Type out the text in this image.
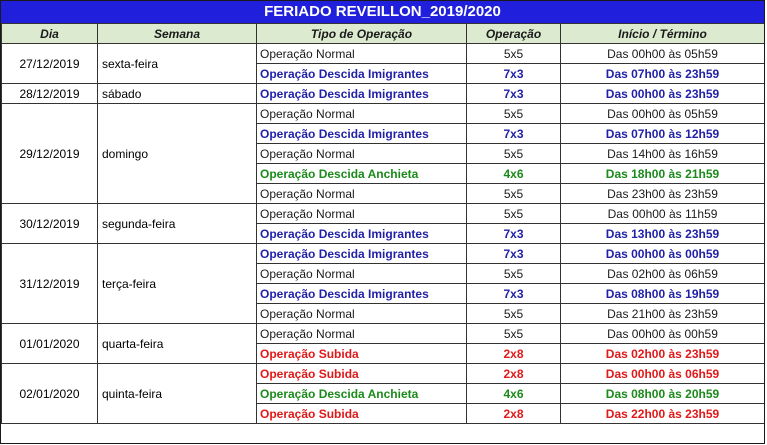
FERIADO REVEILLON_2019/2020
Dia	Semana	Tipo de Operação	Operação	Início / Término
27/12/2019	sexta-feira	Operação Normal	5x5	Das 00h00 às 05h59
		Operação Descida Imigrantes	7x3	Das 07h00 às 23h59
28/12/2019	sábado	Operação Descida Imigrantes	7x3	Das 00h00 às 23h59
29/12/2019	domingo	Operação Normal	5x5	Das 00h00 às 05h59
		Operação Descida Imigrantes	7x3	Das 07h00 às 12h59
		Operação Normal	5x5	Das 14h00 às 16h59
		Operação Descida Anchieta	4x6	Das 18h00 às 21h59
		Operação Normal	5x5	Das 23h00 às 23h59
30/12/2019	segunda-feira	Operação Normal	5x5	Das 00h00 às 11h59
		Operação Descida Imigrantes	7x3	Das 13h00 às 23h59
31/12/2019	terça-feira	Operação Descida Imigrantes	7x3	Das 00h00 às 00h59
		Operação Normal	5x5	Das 02h00 às 06h59
		Operação Descida Imigrantes	7x3	Das 08h00 às 19h59
		Operação Normal	5x5	Das 21h00 às 23h59
01/01/2020	quarta-feira	Operação Normal	5x5	Das 00h00 às 00h59
		Operação Subida	2x8	Das 02h00 às 23h59
02/01/2020	quinta-feira	Operação Subida	2x8	Das 00h00 às 06h59
		Operação Descida Anchieta	4x6	Das 08h00 às 20h59
		Operação Subida	2x8	Das 22h00 às 23h59
